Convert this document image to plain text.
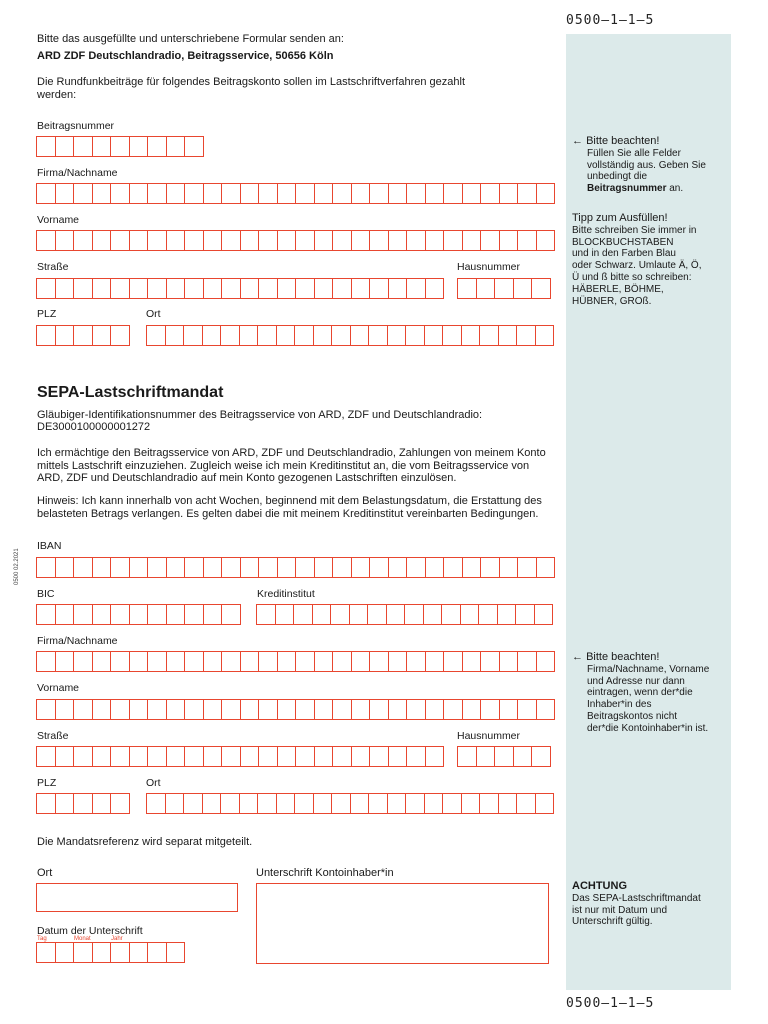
0500–1–1–5
0500–1–1–5
← Bitte beachten!
Füllen Sie alle Felder
vollständig aus. Geben Sie
unbedingt die
Beitragsnummer an.
Tipp zum Ausfüllen!
Bitte schreiben Sie immer in
BLOCKBUCHSTABEN
und in den Farben Blau
oder Schwarz. Umlaute Ä, Ö,
Ü und ß bitte so schreiben:
HÄBERLE, BÖHME,
HÜBNER, GROß.
← Bitte beachten!
Firma/Nachname, Vorname
und Adresse nur dann
eintragen, wenn der*die
Inhaber*in des
Beitragskontos nicht
der*die Kontoinhaber*in ist.
ACHTUNG
Das SEPA-Lastschriftmandat
ist nur mit Datum und
Unterschrift gültig.
Bitte das ausgefüllte und unterschriebene Formular senden an:
ARD ZDF Deutschlandradio, Beitragsservice, 50656 Köln
Die Rundfunkbeiträge für folgendes Beitragskonto sollen im Lastschriftverfahren gezahlt werden:
Beitragsnummer
Firma/Nachname
Vorname
Straße	Hausnummer
PLZ	Ort
SEPA-Lastschriftmandat
Gläubiger-Identifikationsnummer des Beitragsservice von ARD, ZDF und Deutschlandradio:
DE3000100000001272
Ich ermächtige den Beitragsservice von ARD, ZDF und Deutschlandradio, Zahlungen von meinem Konto mittels Lastschrift einzuziehen. Zugleich weise ich mein Kreditinstitut an, die vom Beitragsservice von ARD, ZDF und Deutschlandradio auf mein Konto gezogenen Lastschriften einzulösen.
Hinweis: Ich kann innerhalb von acht Wochen, beginnend mit dem Belastungsdatum, die Erstattung des belasteten Betrags verlangen. Es gelten dabei die mit meinem Kreditinstitut vereinbarten Bedingungen.
0500 02.2021
IBAN
BIC	Kreditinstitut
Firma/Nachname
Vorname
Straße	Hausnummer
PLZ	Ort
Die Mandatsreferenz wird separat mitgeteilt.
Ort	Unterschrift Kontoinhaber*in
Datum der Unterschrift
Tag	Monat	Jahr
